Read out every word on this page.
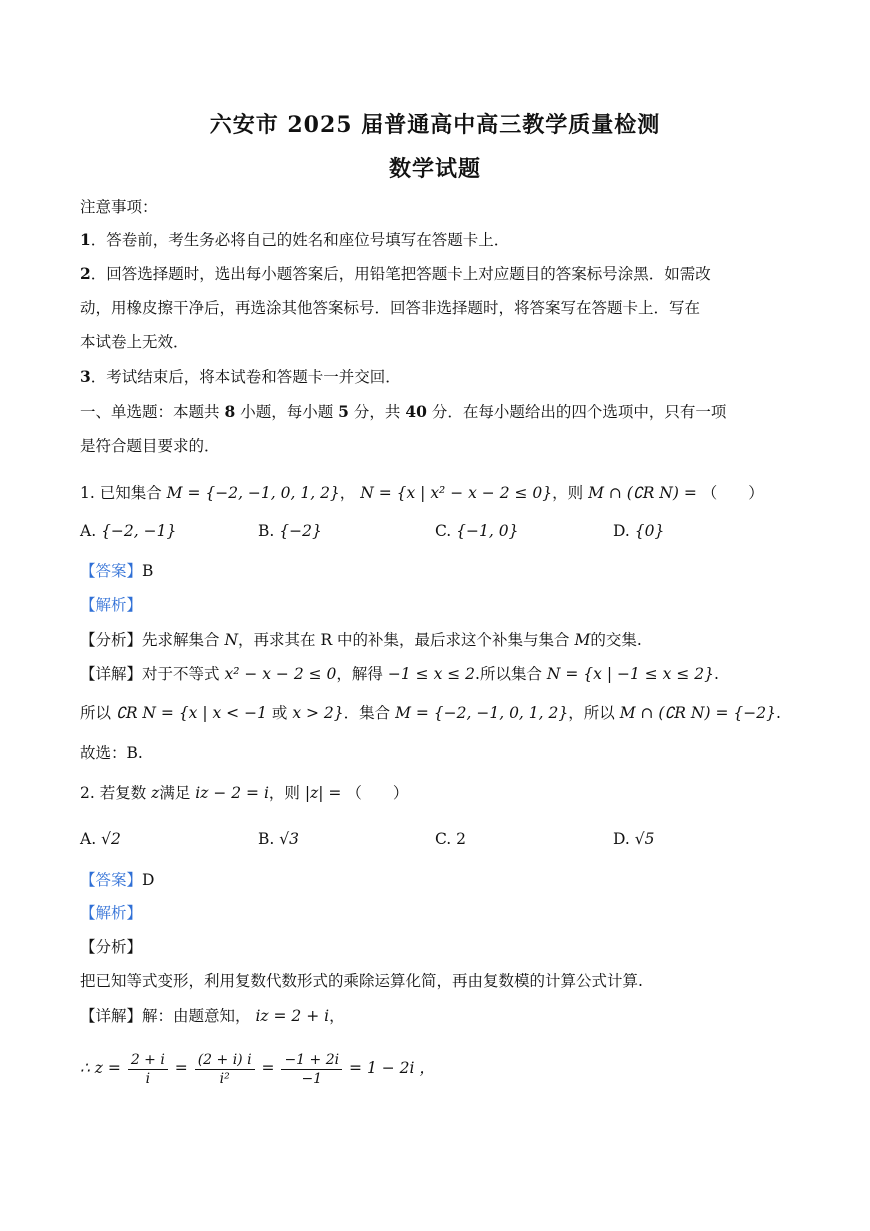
六安市 2025 届普通高中高三教学质量检测
数学试题
注意事项：
1．答卷前，考生务必将自己的姓名和座位号填写在答题卡上．
2．回答选择题时，选出每小题答案后，用铅笔把答题卡上对应题目的答案标号涂黑．如需改
动，用橡皮擦干净后，再选涂其他答案标号．回答非选择题时，将答案写在答题卡上．写在
本试卷上无效．
3．考试结束后，将本试卷和答题卡一并交回．
一、单选题：本题共 8 小题，每小题 5 分，共 40 分．在每小题给出的四个选项中，只有一项
是符合题目要求的．
1. 已知集合 M = {−2, −1, 0, 1, 2}， N = {x | x² − x − 2 ≤ 0}，则 M ∩ (∁R N) = （　　）
A. {−2, −1}	B. {−2}	C. {−1, 0}	D. {0}
【答案】B
【解析】
【分析】先求解集合 N，再求其在 R 中的补集，最后求这个补集与集合 M的交集.
【详解】对于不等式 x² − x − 2 ≤ 0，解得 −1 ≤ x ≤ 2.所以集合 N = {x | −1 ≤ x ≤ 2}.
所以 ∁R N = {x | x < −1 或 x > 2}．集合 M = {−2, −1, 0, 1, 2}，所以 M ∩ (∁R N) = {−2}.
故选：B.
2. 若复数 z满足 iz − 2 = i，则 |z| = （　　）
A. √2	B. √3	C. 2	D. √5
【答案】D
【解析】
【分析】
把已知等式变形，利用复数代数形式的乘除运算化简，再由复数模的计算公式计算.
【详解】解：由题意知， iz = 2 + i，
∴ $z = \frac{2 + i}{i} = \frac{(2 + i) i}{\text{i²}} = \frac{-1 + 2i}{-1} = 1 - 2i$ ，
